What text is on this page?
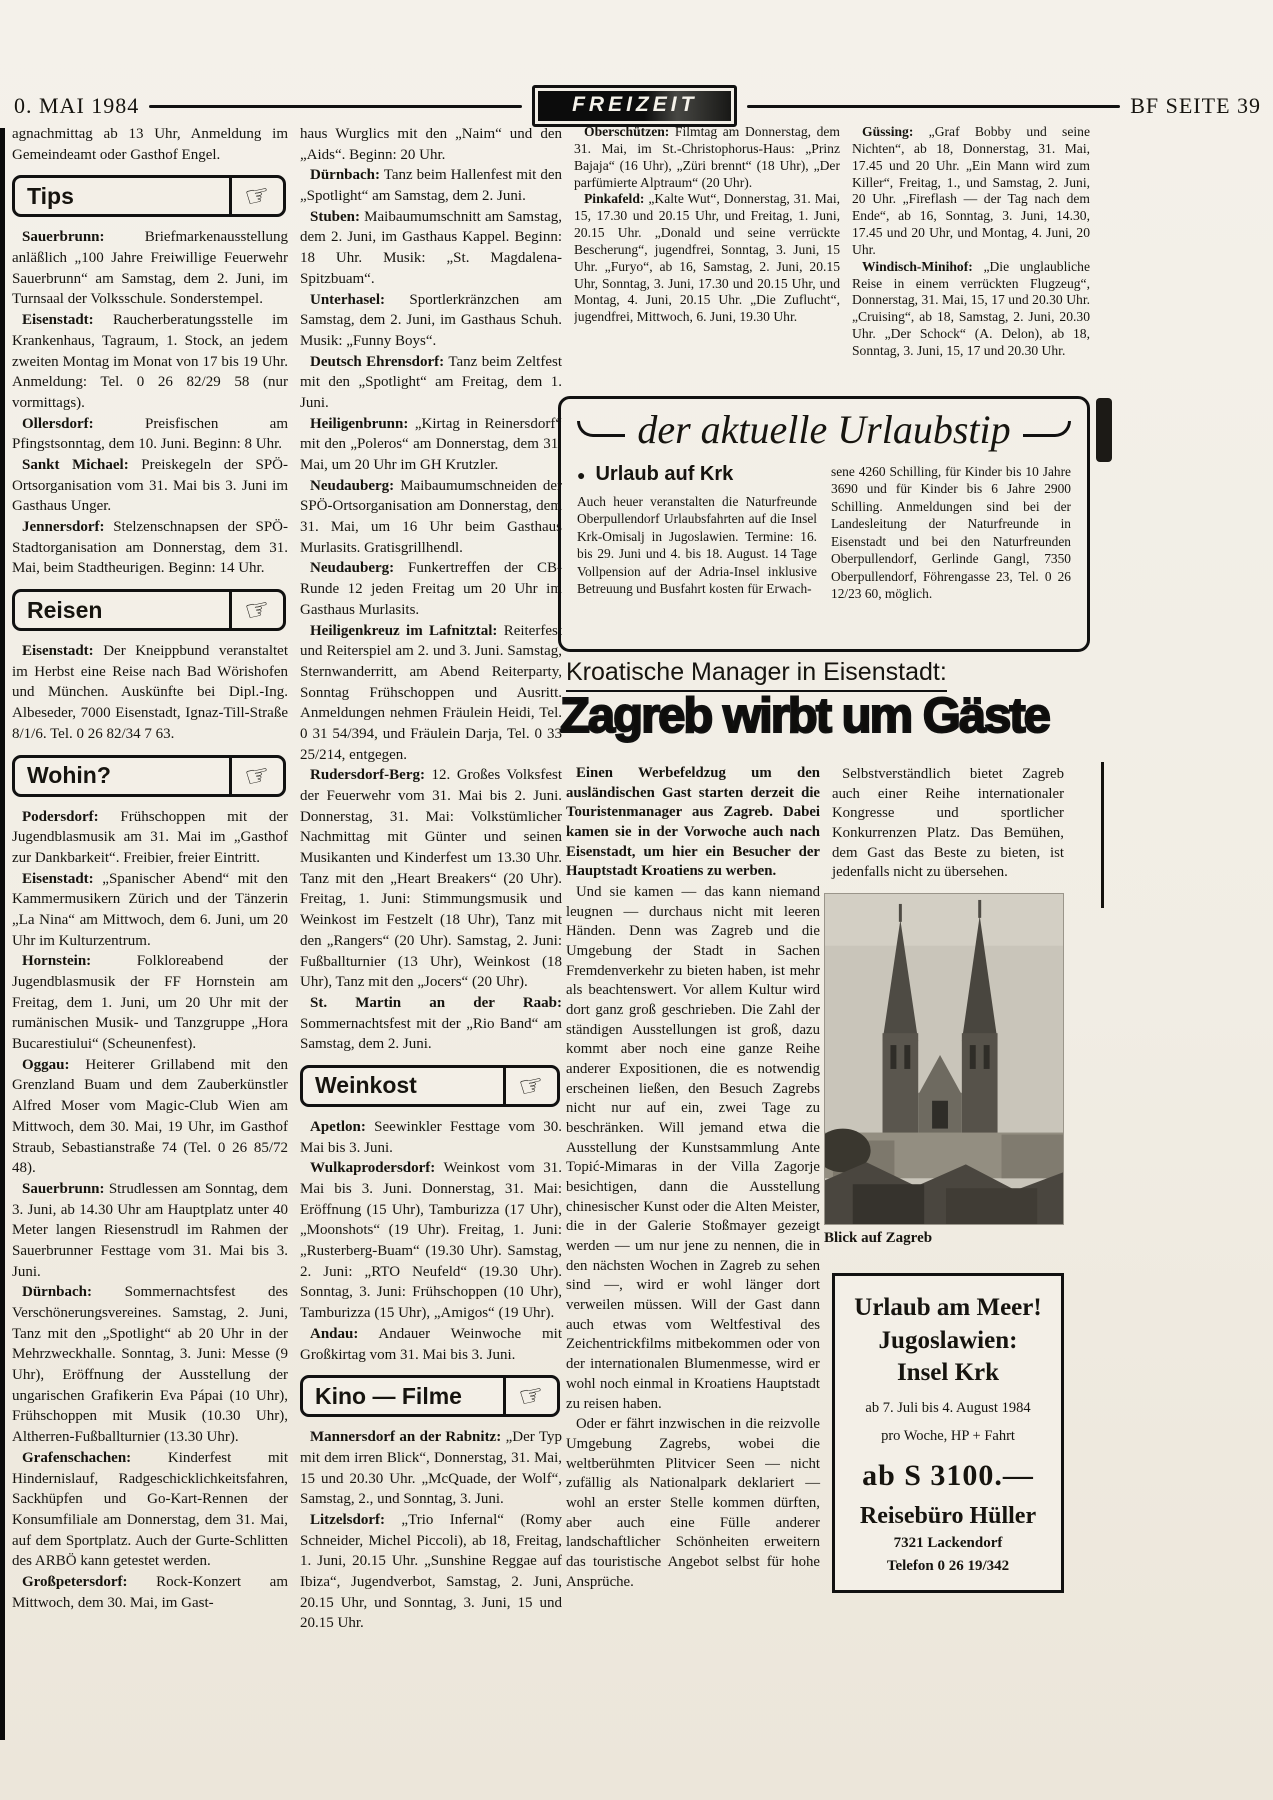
0. MAI 1984	FREIZEIT	BF SEITE 39

agnachmittag ab 13 Uhr, Anmeldung im Gemeindeamt oder Gasthof Engel.

Tips	☞

Sauerbrunn:	Briefmarkenausstellung anläßlich „100 Jahre Freiwillige Feuerwehr Sauerbrunn“ am Samstag, dem 2. Juni, im Turnsaal der Volksschule. Sonderstempel.

Eisenstadt: Raucherberatungsstelle im Krankenhaus, Tagraum, 1. Stock, an jedem zweiten Montag im Monat von 17 bis 19 Uhr. Anmeldung: Tel. 0 26 82/29 58 (nur vormittags).

Ollersdorf:	Preisfischen am Pfingstsonntag, dem 10. Juni. Beginn: 8 Uhr.

Sankt Michael: Preiskegeln der SPÖ-Ortsorganisation vom 31. Mai bis 3. Juni im Gasthaus Unger.

Jennersdorf: Stelzenschnapsen der SPÖ-Stadtorganisation am Donnerstag, dem 31. Mai, beim Stadtheurigen. Beginn: 14 Uhr.

Reisen	☞

Eisenstadt: Der Kneippbund veranstaltet im Herbst eine Reise nach Bad Wörishofen und München. Auskünfte bei Dipl.-Ing. Albeseder, 7000 Eisenstadt, Ignaz-Till-Straße 8/1/6. Tel. 0 26 82/34 7 63.

Wohin?	☞

Podersdorf: Frühschoppen mit der Jugendblasmusik am 31. Mai im „Gasthof zur Dankbarkeit“. Freibier, freier Eintritt.

Eisenstadt: „Spanischer Abend“ mit den Kammermusikern Zürich und der Tänzerin „La Nina“ am Mittwoch, dem 6. Juni, um 20 Uhr im Kulturzentrum.

Hornstein:	Folkloreabend der Jugendblasmusik der FF Hornstein am Freitag, dem 1. Juni, um 20 Uhr mit der rumänischen Musik- und Tanzgruppe „Hora Bucarestiului“ (Scheunenfest).

Oggau: Heiterer Grillabend mit den Grenzland Buam und dem Zauberkünstler Alfred Moser vom Magic-Club Wien am Mittwoch, dem 30. Mai, 19 Uhr, im Gasthof Straub, Sebastianstraße 74 (Tel. 0 26 85/72 48).

Sauerbrunn: Strudlessen am Sonntag, dem 3. Juni, ab 14.30 Uhr am Hauptplatz unter 40 Meter langen Riesenstrudl im Rahmen der Sauerbrunner Festtage vom 31. Mai bis 3. Juni.

Dürnbach: Sommernachtsfest des Verschönerungsvereines. Samstag, 2. Juni, Tanz mit den „Spotlight“ ab 20 Uhr in der Mehrzweckhalle. Sonntag, 3. Juni: Messe (9 Uhr), Eröffnung der Ausstellung der ungarischen Grafikerin Eva Pápai (10 Uhr), Frühschoppen mit Musik (10.30 Uhr), Altherren-Fußballturnier (13.30 Uhr).

Grafenschachen: Kinderfest mit Hindernislauf, Radgeschicklichkeitsfahren, Sackhüpfen und Go-Kart-Rennen der Konsumfiliale am Donnerstag, dem 31. Mai, auf dem Sportplatz. Auch der Gurte-Schlitten des ARBÖ kann getestet werden.

Großpetersdorf: Rock-Konzert am Mittwoch, dem 30. Mai, im Gast-

haus Wurglics mit den „Naim“ und den „Aids“. Beginn: 20 Uhr.

Dürnbach: Tanz beim Hallenfest mit den „Spotlight“ am Samstag, dem 2. Juni.

Stuben: Maibaumumschnitt am Samstag, dem 2. Juni, im Gasthaus Kappel. Beginn: 18 Uhr. Musik: „St. Magdalena-Spitzbuam“.

Unterhasel: Sportlerkränzchen am Samstag, dem 2. Juni, im Gasthaus Schuh. Musik: „Funny Boys“.

Deutsch Ehrensdorf: Tanz beim Zeltfest mit den „Spotlight“ am Freitag, dem 1. Juni.

Heiligenbrunn: „Kirtag in Reinersdorf“ mit den „Poleros“ am Donnerstag, dem 31. Mai, um 20 Uhr im GH Krutzler.

Neudauberg: Maibaumumschneiden der SPÖ-Ortsorganisation am Donnerstag, dem 31. Mai, um 16 Uhr beim Gasthaus Murlasits. Gratisgrillhendl.

Neudauberg: Funkertreffen der CB-Runde 12 jeden Freitag um 20 Uhr im Gasthaus Murlasits.

Heiligenkreuz im Lafnitztal: Reiterfest und Reiterspiel am 2. und 3. Juni. Samstag, Sternwanderritt, am Abend Reiterparty, Sonntag Frühschoppen und Ausritt. Anmeldungen nehmen Fräulein Heidi, Tel. 0 31 54/394, und Fräulein Darja, Tel. 0 33 25/214, entgegen.

Rudersdorf-Berg: 12. Großes Volksfest der Feuerwehr vom 31. Mai bis 2. Juni. Donnerstag, 31. Mai: Volkstümlicher Nachmittag mit Günter und seinen Musikanten und Kinderfest um 13.30 Uhr. Tanz mit den „Heart Breakers“ (20 Uhr). Freitag, 1. Juni: Stimmungsmusik und Weinkost im Festzelt (18 Uhr), Tanz mit den „Rangers“ (20 Uhr). Samstag, 2. Juni: Fußballturnier (13 Uhr), Weinkost (18 Uhr), Tanz mit den „Jocers“ (20 Uhr).

St. Martin an der Raab: Sommernachtsfest mit der „Rio Band“ am Samstag, dem 2. Juni.

Weinkost	☞

Apetlon: Seewinkler Festtage vom 30. Mai bis 3. Juni.

Wulkaprodersdorf: Weinkost vom 31. Mai bis 3. Juni. Donnerstag, 31. Mai: Eröffnung (15 Uhr), Tamburizza (17 Uhr), „Moonshots“ (19 Uhr). Freitag, 1. Juni: „Rusterberg-Buam“ (19.30 Uhr). Samstag, 2. Juni: „RTO Neufeld“ (19.30 Uhr). Sonntag, 3. Juni: Frühschoppen (10 Uhr), Tamburizza (15 Uhr), „Amigos“ (19 Uhr).

Andau: Andauer Weinwoche mit Großkirtag vom 31. Mai bis 3. Juni.

Kino — Filme	☞

Mannersdorf an der Rabnitz: „Der Typ mit dem irren Blick“, Donnerstag, 31. Mai, 15 und 20.30 Uhr. „McQuade, der Wolf“, Samstag, 2., und Sonntag, 3. Juni.

Litzelsdorf: „Trio Infernal“ (Romy Schneider, Michel Piccoli), ab 18, Freitag, 1. Juni, 20.15 Uhr. „Sunshine Reggae auf Ibiza“, Jugendverbot, Samstag, 2. Juni, 20.15 Uhr, und Sonntag, 3. Juni, 15 und 20.15 Uhr.

Oberschützen: Filmtag am Donnerstag, dem 31. Mai, im St.-Christophorus-Haus: „Prinz Bajaja“ (16 Uhr), „Züri brennt“ (18 Uhr), „Der parfümierte Alptraum“ (20 Uhr).

Pinkafeld: „Kalte Wut“, Donnerstag, 31. Mai, 15, 17.30 und 20.15 Uhr, und Freitag, 1. Juni, 20.15 Uhr. „Donald und seine verrückte Bescherung“, jugendfrei, Sonntag, 3. Juni, 15 Uhr. „Furyo“, ab 16, Samstag, 2. Juni, 20.15 Uhr, Sonntag, 3. Juni, 17.30 und 20.15 Uhr, und Montag, 4. Juni, 20.15 Uhr. „Die Zuflucht“, jugendfrei, Mittwoch, 6. Juni, 19.30 Uhr.

Güssing: „Graf Bobby und seine Nichten“, ab 18, Donnerstag, 31. Mai, 17.45 und 20 Uhr. „Ein Mann wird zum Killer“, Freitag, 1., und Samstag, 2. Juni, 20 Uhr. „Fireflash — der Tag nach dem Ende“, ab 16, Sonntag, 3. Juni, 14.30, 17.45 und 20 Uhr, und Montag, 4. Juni, 20 Uhr.

Windisch-Minihof: „Die unglaubliche Reise in einem verrückten Flugzeug“, Donnerstag, 31. Mai, 15, 17 und 20.30 Uhr. „Cruising“, ab 18, Samstag, 2. Juni, 20.30 Uhr. „Der Schock“ (A. Delon), ab 18, Sonntag, 3. Juni, 15, 17 und 20.30 Uhr.

der aktuelle Urlaubstip

● Urlaub auf Krk

Auch heuer veranstalten die Naturfreunde Oberpullendorf Urlaubsfahrten auf die Insel Krk-Omisalj in Jugoslawien. Termine: 16. bis 29. Juni und 4. bis 18. August. 14 Tage Vollpension auf der Adria-Insel inklusive Betreuung und Busfahrt kosten für Erwach-

sene 4260 Schilling, für Kinder bis 10 Jahre 3690 und für Kinder bis 6 Jahre 2900 Schilling. Anmeldungen sind bei der Landesleitung der Naturfreunde in Eisenstadt und bei den Naturfreunden Oberpullendorf, Gerlinde Gangl, 7350 Oberpullendorf, Föhrengasse 23, Tel. 0 26 12/23 60, möglich.

Kroatische Manager in Eisenstadt:
Zagreb wirbt um Gäste

Einen Werbefeldzug um den ausländischen Gast starten derzeit die Touristenmanager aus Zagreb. Dabei kamen sie in der Vorwoche auch nach Eisenstadt, um hier ein Besucher der Hauptstadt Kroatiens zu werben.

Und sie kamen — das kann niemand leugnen — durchaus nicht mit leeren Händen. Denn was Zagreb und die Umgebung der Stadt in Sachen Fremdenverkehr zu bieten haben, ist mehr als beachtenswert. Vor allem Kultur wird dort ganz groß geschrieben. Die Zahl der ständigen Ausstellungen ist groß, dazu kommt aber noch eine ganze Reihe anderer Expositionen, die es notwendig erscheinen ließen, den Besuch Zagrebs nicht nur auf ein, zwei Tage zu beschränken. Will jemand etwa die Ausstellung der Kunstsammlung Ante Topić-Mimaras in der Villa Zagorje besichtigen, dann die Ausstellung chinesischer Kunst oder die Alten Meister, die in der Galerie Stoßmayer gezeigt werden — um nur jene zu nennen, die in den nächsten Wochen in Zagreb zu sehen sind —, wird er wohl länger dort verweilen müssen. Will der Gast dann auch etwas vom Weltfestival des Zeichentrickfilms mitbekommen oder von der internationalen Blumenmesse, wird er wohl noch einmal in Kroatiens Hauptstadt zu reisen haben.

Oder er fährt inzwischen in die reizvolle Umgebung Zagrebs, wobei die weltberühmten Plitvicer Seen — nicht zufällig als Nationalpark deklariert — wohl an erster Stelle kommen dürften, aber auch eine Fülle anderer landschaftlicher Schönheiten erweitern das touristische Angebot selbst für hohe Ansprüche.

Selbstverständlich bietet Zagreb auch einer Reihe internationaler Kongresse und sportlicher Konkurrenzen Platz. Das Bemühen, dem Gast das Beste zu bieten, ist jedenfalls nicht zu übersehen.

Blick auf Zagreb

Urlaub am Meer!
Jugoslawien:
Insel Krk
ab 7. Juli bis 4. August 1984
pro Woche, HP + Fahrt
ab S 3100.—
Reisebüro Hüller
7321 Lackendorf
Telefon 0 26 19/342
